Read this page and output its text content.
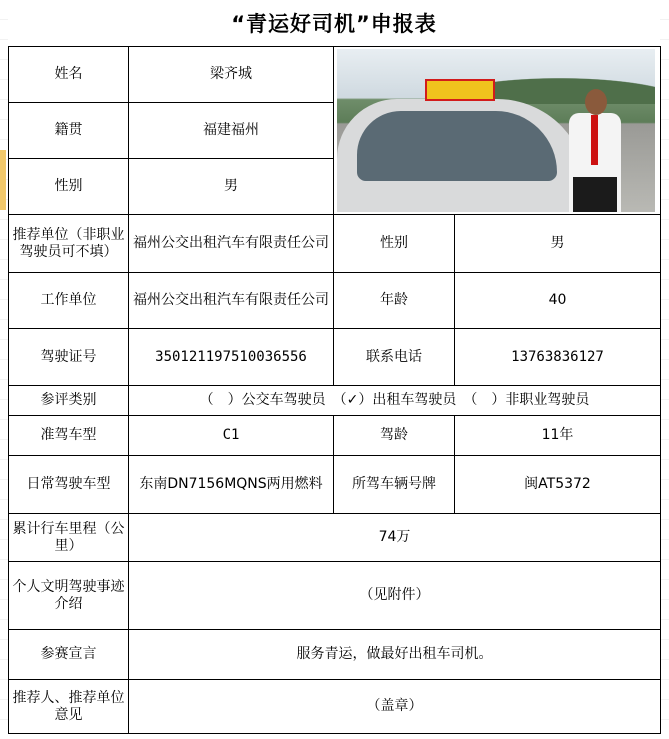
“青运好司机”申报表
姓名	梁齐城		

籍贯	福建福州		
性别	男		
推荐单位（非职业驾驶员可不填）	福州公交出租汽车有限责任公司	性别	男
工作单位	福州公交出租汽车有限责任公司	年龄	40
驾驶证号	350121197510036556	联系电话	13763836127
参评类别	（　）公交车驾驶员　（✓）出租车驾驶员　（　）非职业驾驶员		
准驾车型	C1	驾龄	11年
日常驾驶车型	东南DN7156MQNS两用燃料	所驾车辆号牌	闽AT5372
累计行车里程（公里）	74万		
个人文明驾驶事迹介绍	（见附件）		
参赛宣言	服务青运，做最好出租车司机。		
推荐人、推荐单位意见	（盖章）		
